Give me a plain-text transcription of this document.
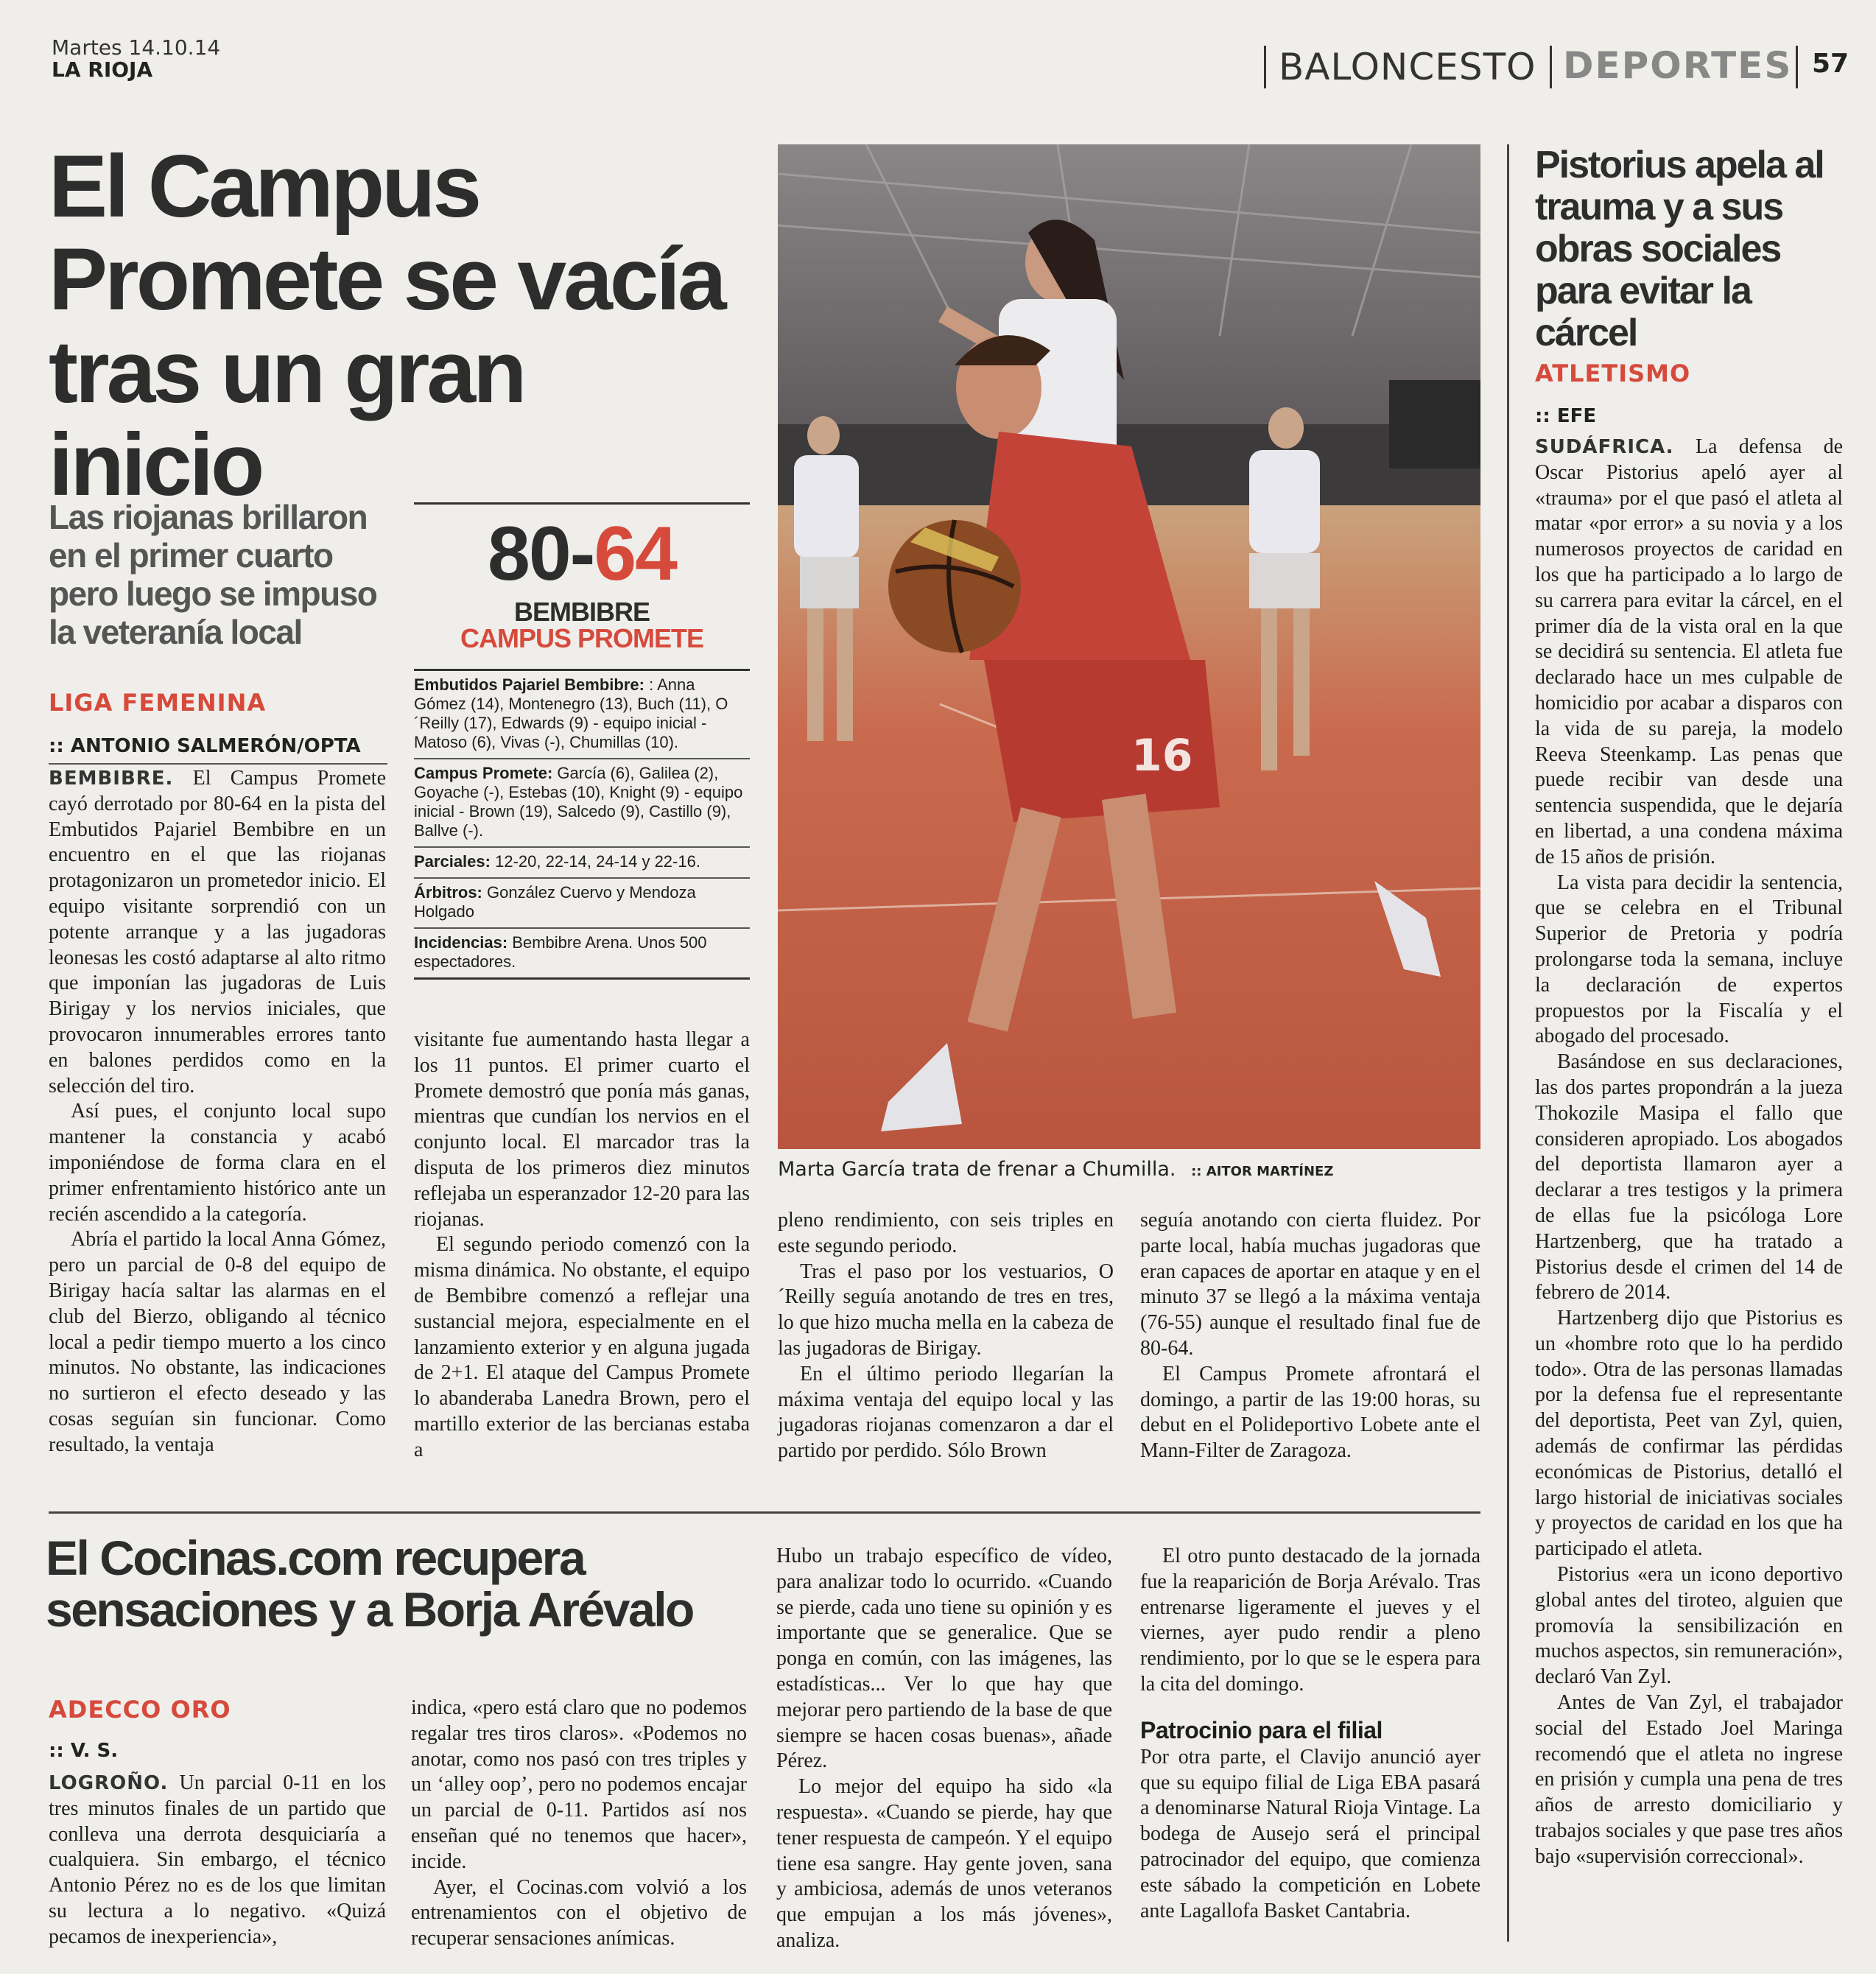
Martes 14.10.14
LA RIOJA	BALONCESTO DEPORTES 57
El Campus Promete se vacía tras un gran inicio
Las riojanas brillaron en el primer cuarto pero luego se impuso la veteranía local
LIGA FEMENINA
:: ANTONIO SALMERÓN/OPTA

BEMBIBRE. El Campus Promete cayó derrotado por 80-64 en la pista del Embutidos Pajariel Bembibre en un encuentro en el que las riojanas protagonizaron un prometedor inicio. El equipo visitante sorprendió con un potente arranque y a las jugadoras leonesas les costó adaptarse al alto ritmo que imponían las jugadoras de Luis Birigay y los nervios iniciales, que provocaron innumerables errores tanto en balones perdidos como en la selección del tiro.

Así pues, el conjunto local supo mantener la constancia y acabó imponiéndose de forma clara en el primer enfrentamiento histórico ante un recién ascendido a la categoría.

Abría el partido la local Anna Gómez, pero un parcial de 0-8 del equipo de Birigay hacía saltar las alarmas en el club del Bierzo, obligando al técnico local a pedir tiempo muerto a los cinco minutos. No obstante, las indicaciones no surtieron el efecto deseado y las cosas seguían sin funcionar. Como resultado, la ventaja

80-64
BEMBIBRE
CAMPUS PROMETE
Embutidos Pajariel Bembibre: : Anna Gómez (14), Montenegro (13), Buch (11), O´Reilly (17), Edwards (9) - equipo inicial - Matoso (6), Vivas (-), Chumillas (10).
Campus Promete: García (6), Galilea (2), Goyache (-), Estebas (10), Knight (9) - equipo inicial - Brown (19), Salcedo (9), Castillo (9), Ballve (-).
Parciales: 12-20, 22-14, 24-14 y 22-16.
Árbitros: González Cuervo y Mendoza Holgado
Incidencias: Bembibre Arena. Unos 500 espectadores.

visitante fue aumentando hasta llegar a los 11 puntos. El primer cuarto el Promete demostró que ponía más ganas, mientras que cundían los nervios en el conjunto local. El marcador tras la disputa de los primeros diez minutos reflejaba un esperanzador 12-20 para las riojanas.

El segundo periodo comenzó con la misma dinámica. No obstante, el equipo de Bembibre comenzó a reflejar una sustancial mejora, especialmente en el lanzamiento exterior y en alguna jugada de 2+1. El ataque del Campus Promete lo abanderaba Lanedra Brown, pero el martillo exterior de las bercianas estaba a

16
Marta García trata de frenar a Chumilla. :: AITOR MARTÍNEZ

pleno rendimiento, con seis triples en este segundo periodo.

Tras el paso por los vestuarios, O´Reilly seguía anotando de tres en tres, lo que hizo mucha mella en la cabeza de las jugadoras de Birigay.

En el último periodo llegarían la máxima ventaja del equipo local y las jugadoras riojanas comenzaron a dar el partido por perdido. Sólo Brown

seguía anotando con cierta fluidez. Por parte local, había muchas jugadoras que eran capaces de aportar en ataque y en el minuto 37 se llegó a la máxima ventaja (76-55) aunque el resultado final fue de 80-64.

El Campus Promete afrontará el domingo, a partir de las 19:00 horas, su debut en el Polideportivo Lobete ante el Mann-Filter de Zaragoza.

Pistorius apela al trauma y a sus obras sociales para evitar la cárcel
ATLETISMO
:: EFE

SUDÁFRICA. La defensa de Oscar Pistorius apeló ayer al «trauma» por el que pasó el atleta al matar «por error» a su novia y a los numerosos proyectos de caridad en los que ha participado a lo largo de su carrera para evitar la cárcel, en el primer día de la vista oral en la que se decidirá su sentencia. El atleta fue declarado hace un mes culpable de homicidio por acabar a disparos con la vida de su pareja, la modelo Reeva Steenkamp. Las penas que puede recibir van desde una sentencia suspendida, que le dejaría en libertad, a una condena máxima de 15 años de prisión.

La vista para decidir la sentencia, que se celebra en el Tribunal Superior de Pretoria y podría prolongarse toda la semana, incluye la declaración de expertos propuestos por la Fiscalía y el abogado del procesado.

Basándose en sus declaraciones, las dos partes propondrán a la jueza Thokozile Masipa el fallo que consideren apropiado. Los abogados del deportista llamaron ayer a declarar a tres testigos y la primera de ellas fue la psicóloga Lore Hartzenberg, que ha tratado a Pistorius desde el crimen del 14 de febrero de 2014.

Hartzenberg dijo que Pistorius es un «hombre roto que lo ha perdido todo». Otra de las personas llamadas por la defensa fue el representante del deportista, Peet van Zyl, quien, además de confirmar las pérdidas económicas de Pistorius, detalló el largo historial de iniciativas sociales y proyectos de caridad en los que ha participado el atleta.

Pistorius «era un icono deportivo global antes del tiroteo, alguien que promovía la sensibilización en muchos aspectos, sin remuneración», declaró Van Zyl.

Antes de Van Zyl, el trabajador social del Estado Joel Maringa recomendó que el atleta no ingrese en prisión y cumpla una pena de tres años de arresto domiciliario y trabajos sociales y que pase tres años bajo «supervisión correccional».

El Cocinas.com recupera sensaciones y a Borja Arévalo
ADECCO ORO
:: V. S.

LOGROÑO. Un parcial 0-11 en los tres minutos finales de un partido que conlleva una derrota desquiciaría a cualquiera. Sin embargo, el técnico Antonio Pérez no es de los que limitan su lectura a lo negativo. «Quizá pecamos de inexperiencia»,

indica, «pero está claro que no podemos regalar tres tiros claros». «Podemos no anotar, como nos pasó con tres triples y un ‘alley oop’, pero no podemos encajar un parcial de 0-11. Partidos así nos enseñan qué no tenemos que hacer», incide.

Ayer, el Cocinas.com volvió a los entrenamientos con el objetivo de recuperar sensaciones anímicas.

Hubo un trabajo específico de vídeo, para analizar todo lo ocurrido. «Cuando se pierde, cada uno tiene su opinión y es importante que se generalice. Que se ponga en común, con las imágenes, las estadísticas... Ver lo que hay que mejorar pero partiendo de la base de que siempre se hacen cosas buenas», añade Pérez.

Lo mejor del equipo ha sido «la respuesta». «Cuando se pierde, hay que tener respuesta de campeón. Y el equipo tiene esa sangre. Hay gente joven, sana y ambiciosa, además de unos veteranos que empujan a los más jóvenes», analiza.

El otro punto destacado de la jornada fue la reaparición de Borja Arévalo. Tras entrenarse ligeramente el jueves y el viernes, ayer pudo rendir a pleno rendimiento, por lo que se le espera para la cita del domingo.

Patrocinio para el filial

Por otra parte, el Clavijo anunció ayer que su equipo filial de Liga EBA pasará a denominarse Natural Rioja Vintage. La bodega de Ausejo será el principal patrocinador del equipo, que comienza este sábado la competición en Lobete ante Lagallofa Basket Cantabria.
